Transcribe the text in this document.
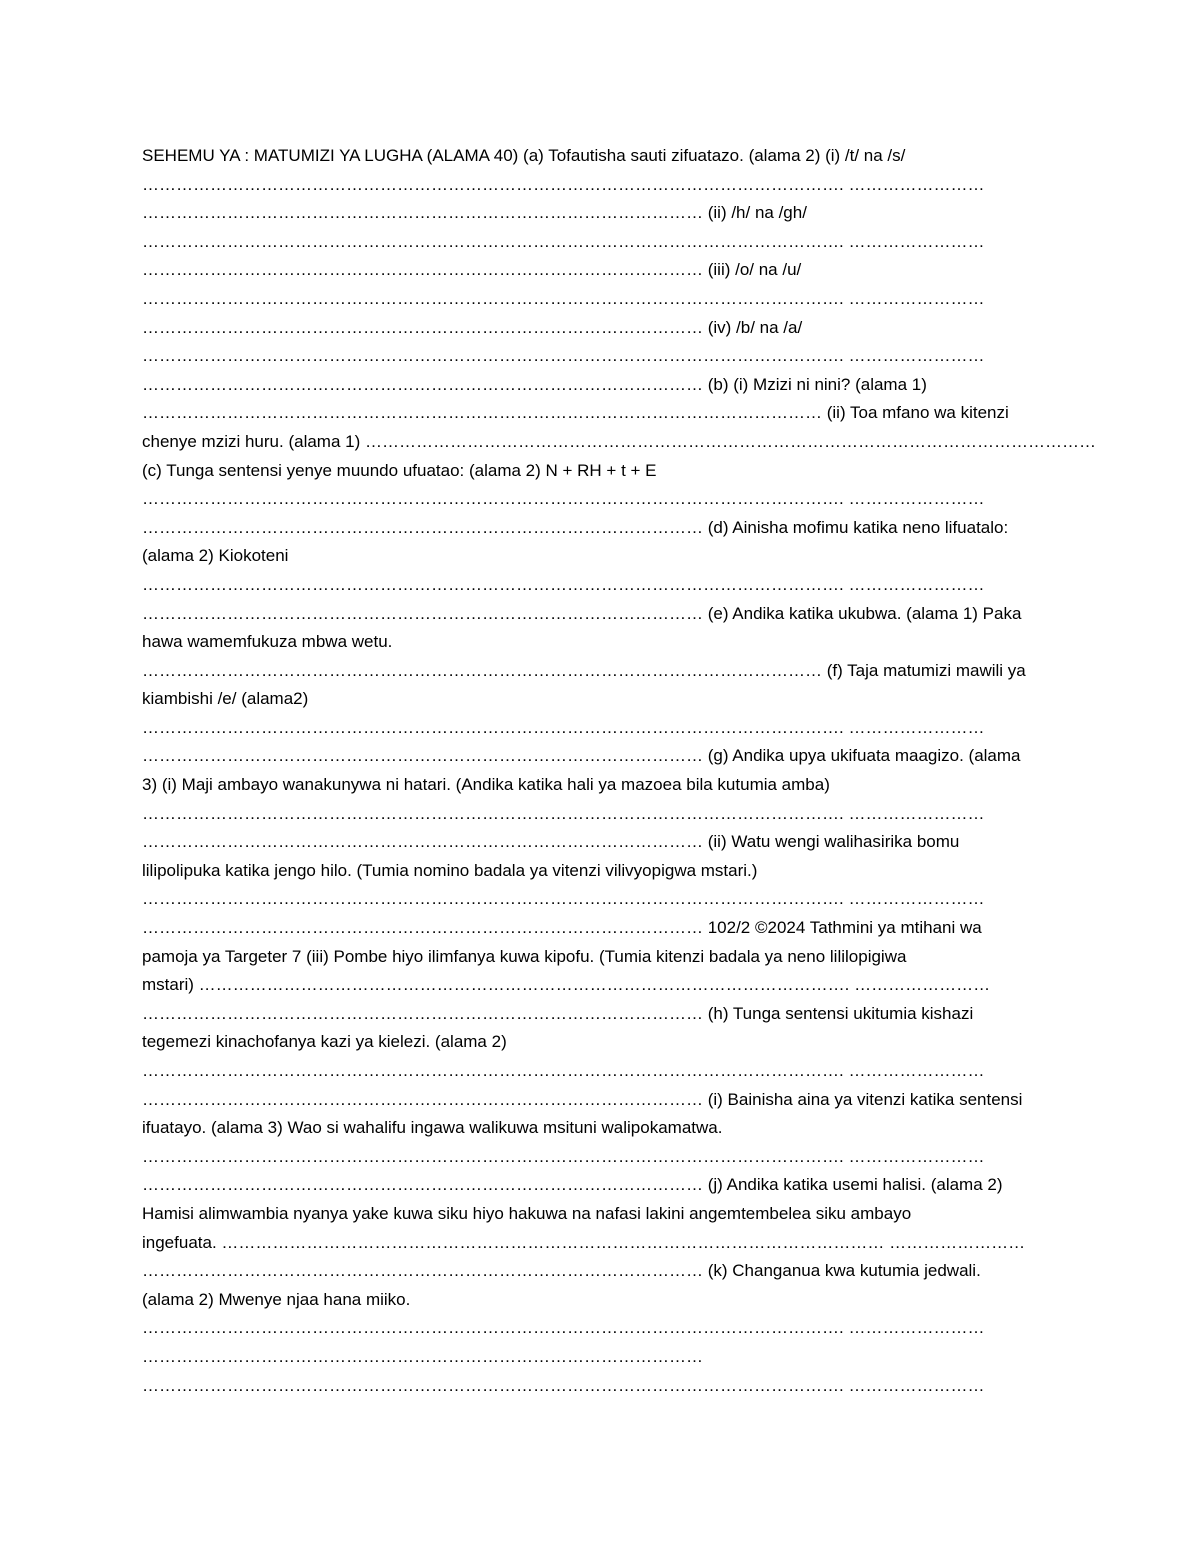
SEHEMU YA : MATUMIZI YA LUGHA (ALAMA 40) (a) Tofautisha sauti zifuatazo. (alama 2) (i) /t/ na /s/
……………………………………………………………………………………………………………. ……………………
……………………………………………………………………………………… (ii) /h/ na /gh/
……………………………………………………………………………………………………………. ……………………
……………………………………………………………………………………… (iii) /o/ na /u/
……………………………………………………………………………………………………………. ……………………
……………………………………………………………………………………… (iv) /b/ na /a/
……………………………………………………………………………………………………………. ……………………
……………………………………………………………………………………… (b) (i) Mzizi ni nini? (alama 1)
………………………………………………………………………………………………………… (ii) Toa mfano wa kitenzi
chenye mzizi huru. (alama 1) …………………………………………………………………………………………………………………
(c) Tunga sentensi yenye muundo ufuatao: (alama 2) N + RH + t + E
……………………………………………………………………………………………………………. ……………………
……………………………………………………………………………………… (d) Ainisha mofimu katika neno lifuatalo:
(alama 2) Kiokoteni
……………………………………………………………………………………………………………. ……………………
……………………………………………………………………………………… (e) Andika katika ukubwa. (alama 1) Paka
hawa wamemfukuza mbwa wetu.
………………………………………………………………………………………………………… (f) Taja matumizi mawili ya
kiambishi /e/ (alama2)
……………………………………………………………………………………………………………. ……………………
……………………………………………………………………………………… (g) Andika upya ukifuata maagizo. (alama
3) (i) Maji ambayo wanakunywa ni hatari. (Andika katika hali ya mazoea bila kutumia amba)
……………………………………………………………………………………………………………. ……………………
……………………………………………………………………………………… (ii) Watu wengi walihasirika bomu
lilipolipuka katika jengo hilo. (Tumia nomino badala ya vitenzi vilivyopigwa mstari.)
……………………………………………………………………………………………………………. ……………………
……………………………………………………………………………………… 102/2 ©2024 Tathmini ya mtihani wa
pamoja ya Targeter 7 (iii) Pombe hiyo ilimfanya kuwa kipofu. (Tumia kitenzi badala ya neno lililopigiwa
mstari) ……………………………………………………………………………………………………. ……………………
……………………………………………………………………………………… (h) Tunga sentensi ukitumia kishazi
tegemezi kinachofanya kazi ya kielezi. (alama 2)
……………………………………………………………………………………………………………. ……………………
……………………………………………………………………………………… (i) Bainisha aina ya vitenzi katika sentensi
ifuatayo. (alama 3) Wao si wahalifu ingawa walikuwa msituni walipokamatwa.
……………………………………………………………………………………………………………. ……………………
……………………………………………………………………………………… (j) Andika katika usemi halisi. (alama 2)
Hamisi alimwambia nyanya yake kuwa siku hiyo hakuwa na nafasi lakini angemtembelea siku ambayo
ingefuata. ……………………………………………………………………………………………………… ……………………
……………………………………………………………………………………… (k) Changanua kwa kutumia jedwali.
(alama 2) Mwenye njaa hana miiko.
……………………………………………………………………………………………………………. ……………………
………………………………………………………………………………………
……………………………………………………………………………………………………………. ……………………
